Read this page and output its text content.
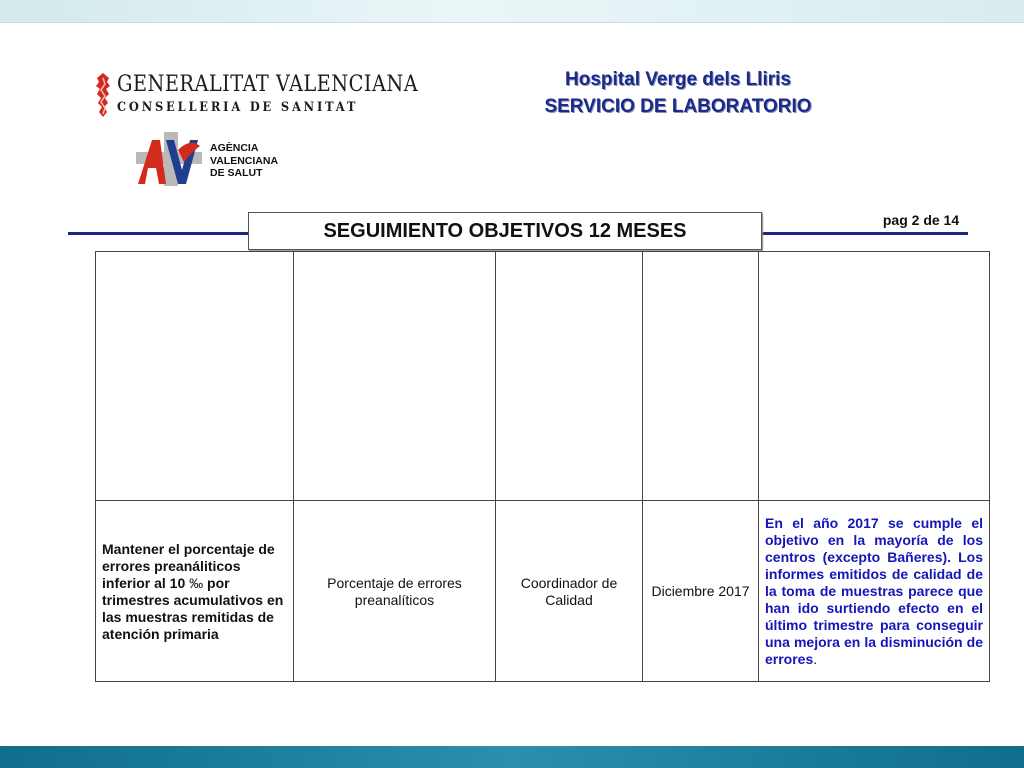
GENERALITAT VALENCIANA
CONSELLERIA DE SANITAT
AGÈNCIA
VALENCIANA
DE SALUT
Hospital Verge dels Lliris
SERVICIO DE LABORATORIO
SEGUIMIENTO OBJETIVOS 12 MESES	pag 2 de 14
Mantener el porcentaje de errores preanáliticos inferior al 10 ‰ por trimestres acumulativos en las muestras remitidas de atención primaria
Porcentaje de errores preanalíticos
Coordinador de Calidad
Diciembre 2017
En el año 2017 se cumple el objetivo en la mayoría de los centros (excepto Bañeres). Los informes emitidos de calidad de la toma de muestras parece que han ido surtiendo efecto en el último trimestre para conseguir una mejora en la disminución de errores.
